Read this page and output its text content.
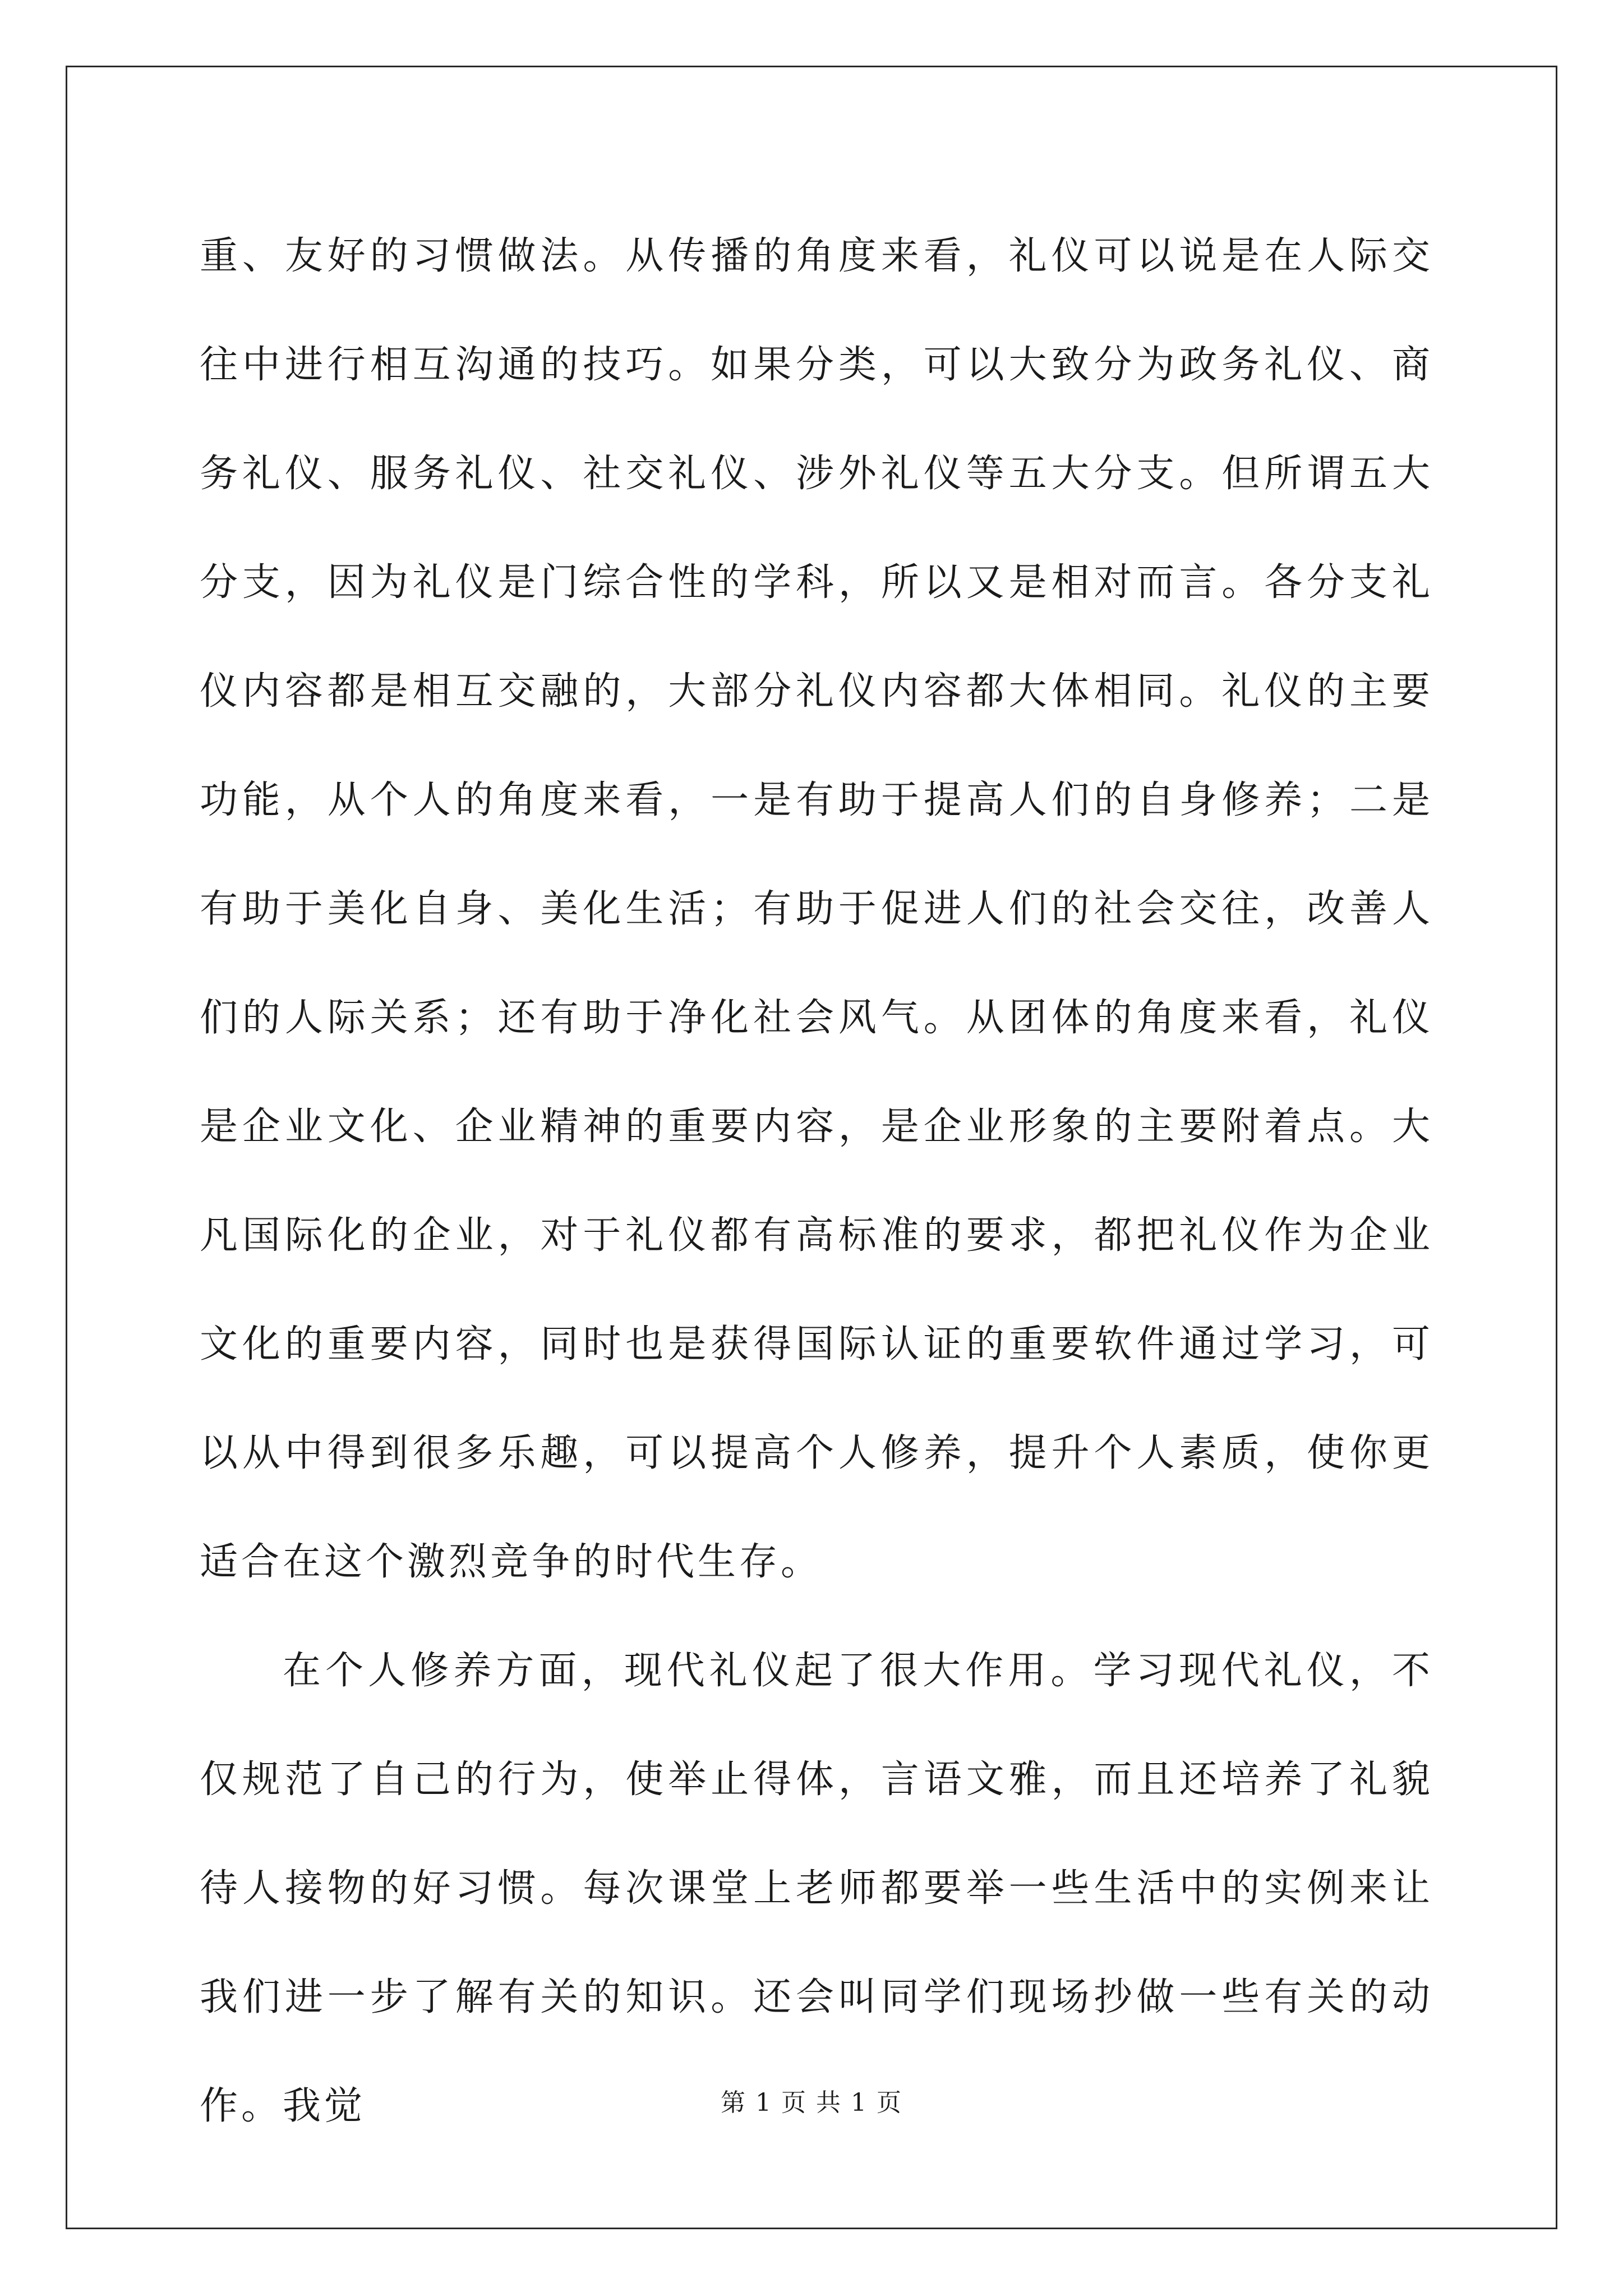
重、友好的习惯做法。从传播的角度来看，礼仪可以说是在人际交往中进行相互沟通的技巧。如果分类，可以大致分为政务礼仪、商务礼仪、服务礼仪、社交礼仪、涉外礼仪等五大分支。但所谓五大分支，因为礼仪是门综合性的学科，所以又是相对而言。各分支礼仪内容都是相互交融的，大部分礼仪内容都大体相同。礼仪的主要功能，从个人的角度来看，一是有助于提高人们的自身修养；二是有助于美化自身、美化生活；有助于促进人们的社会交往，改善人们的人际关系；还有助于净化社会风气。从团体的角度来看，礼仪是企业文化、企业精神的重要内容，是企业形象的主要附着点。大凡国际化的企业，对于礼仪都有高标准的要求，都把礼仪作为企业文化的重要内容，同时也是获得国际认证的重要软件通过学习，可以从中得到很多乐趣，可以提高个人修养，提升个人素质，使你更适合在这个激烈竞争的时代生存。

在个人修养方面，现代礼仪起了很大作用。学习现代礼仪，不仅规范了自己的行为，使举止得体，言语文雅，而且还培养了礼貌待人接物的好习惯。每次课堂上老师都要举一些生活中的实例来让我们进一步了解有关的知识。还会叫同学们现场抄做一些有关的动作。我觉	第 1 页 共 1 页
